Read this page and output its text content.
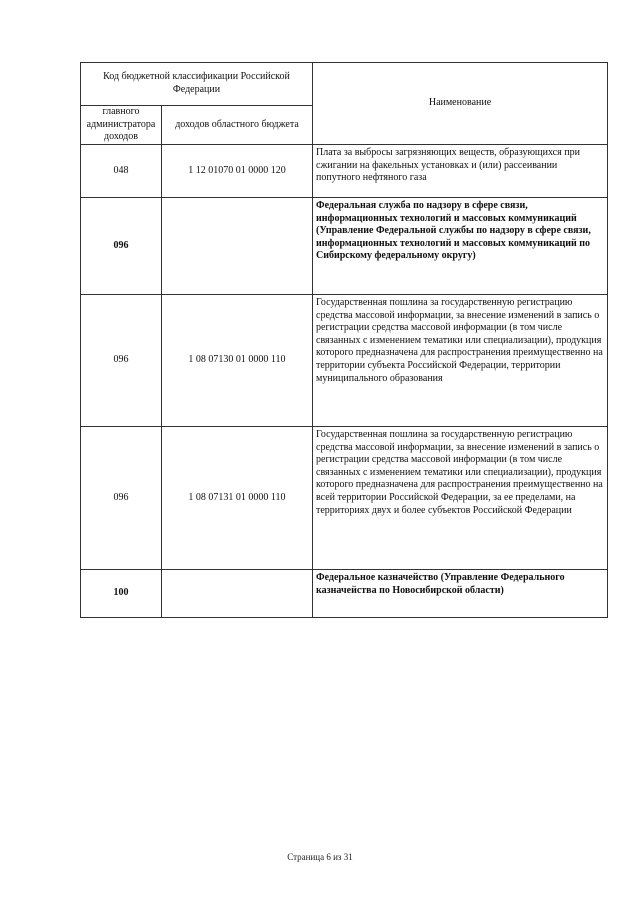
Код бюджетной классификации Российской Федерации		Наименование
главного администратора доходов	доходов областного бюджета	
048	1 12 01070 01 0000 120	Плата за выбросы загрязняющих веществ, образующихся при сжигании на факельных установках и (или) рассеивании попутного нефтяного газа
096		Федеральная служба по надзору в сфере связи, информационных технологий и массовых коммуникаций (Управление Федеральной службы по надзору в сфере связи, информационных технологий и массовых коммуникаций по Сибирскому федеральному округу)
096	1 08 07130 01 0000 110	Государственная пошлина за государственную регистрацию средства массовой информации, за внесение изменений в запись о регистрации средства массовой информации (в том числе связанных с изменением тематики или специализации), продукция которого предназначена для распространения преимущественно на территории субъекта Российской Федерации, территории муниципального образования
096	1 08 07131 01 0000 110	Государственная пошлина за государственную регистрацию средства массовой информации, за внесение изменений в запись о регистрации средства массовой информации (в том числе связанных с изменением тематики или специализации), продукция которого предназначена для распространения преимущественно на всей территории Российской Федерации, за ее пределами, на территориях двух и более субъектов Российской Федерации
100		Федеральное казначейство (Управление Федерального казначейства по Новосибирской области)
Страница 6 из 31
